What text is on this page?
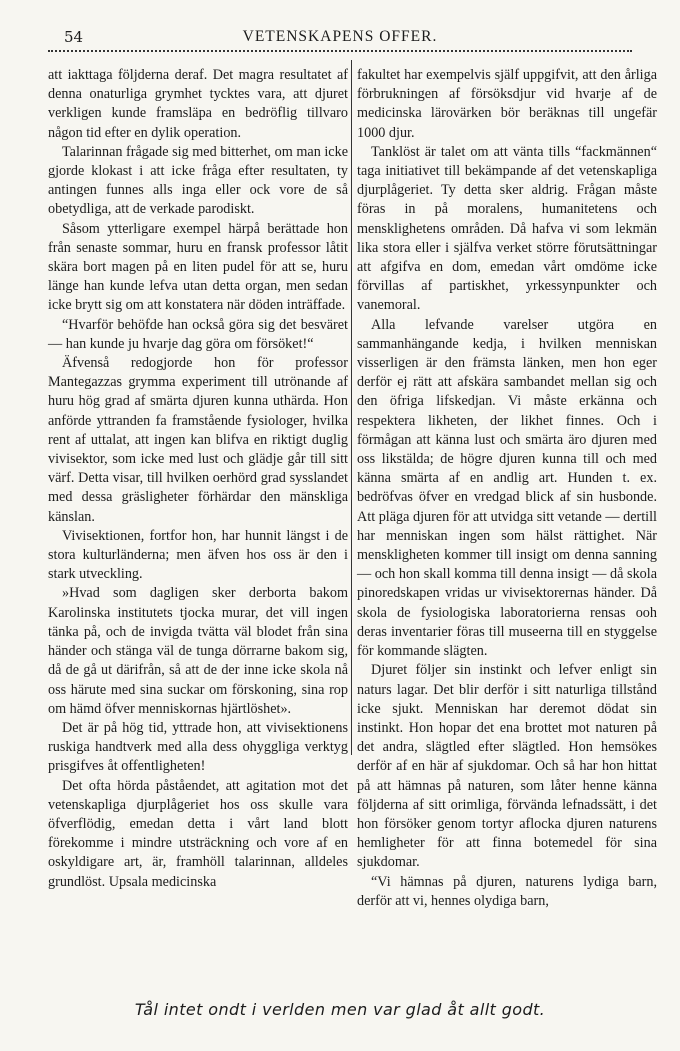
54	VETENSKAPENS OFFER.

att iakttaga följderna deraf. Det magra resultatet af denna onaturliga grymhet tycktes vara, att djuret verkligen kunde framsläpa en bedröflig tillvaro någon tid efter en dylik operation.

Talarinnan frågade sig med bitterhet, om man icke gjorde klokast i att icke fråga efter resultaten, ty antingen funnes alls inga eller ock vore de så obetydliga, att de verkade parodiskt.

Såsom ytterligare exempel härpå berättade hon från senaste sommar, huru en fransk professor låtit skära bort magen på en liten pudel för att se, huru länge han kunde lefva utan detta organ, men sedan icke brytt sig om att konstatera när döden inträffade.

“Hvarför behöfde han också göra sig det besväret — han kunde ju hvarje dag göra om försöket!“

Äfvenså redogjorde hon för professor Mantegazzas grymma experiment till utrönande af huru hög grad af smärta djuren kunna uthärda. Hon anförde yttranden fa framstående fysiologer, hvilka rent af uttalat, att ingen kan blifva en riktigt duglig vivisektor, som icke med lust och glädje går till sitt värf. Detta visar, till hvilken oerhörd grad sysslandet med dessa gräsligheter förhärdar den mänskliga känslan.

Vivisektionen, fortfor hon, har hunnit längst i de stora kulturländerna; men äfven hos oss är den i stark utveckling.

»Hvad som dagligen sker derborta bakom Karolinska institutets tjocka murar, det vill ingen tänka på, och de invigda tvätta väl blodet från sina händer och stänga väl de tunga dörrarne bakom sig, då de gå ut därifrån, så att de der inne icke skola nå oss härute med sina suckar om förskoning, sina rop om hämd öfver menniskornas hjärtlöshet».

Det är på hög tid, yttrade hon, att vivisektionens ruskiga handtverk med alla dess ohyggliga verktyg prisgifves åt offentligheten!

Det ofta hörda påståendet, att agitation mot det vetenskapliga djurplågeriet hos oss skulle vara öfverflödig, emedan detta i vårt land blott förekomme i mindre utsträckning och vore af en oskyldigare art, är, framhöll talarinnan, alldeles grundlöst. Upsala medicinska

fakultet har exempelvis själf uppgifvit, att den årliga förbrukningen af försöksdjur vid hvarje af de medicinska lärovärken bör beräknas till ungefär 1000 djur.

Tanklöst är talet om att vänta tills “fackmännen“ taga initiativet till bekämpande af det vetenskapliga djurplågeriet. Ty detta sker aldrig. Frågan måste föras in på moralens, humanitetens och mensklighetens områden. Då hafva vi som lekmän lika stora eller i själfva verket större förutsättningar att afgifva en dom, emedan vårt omdöme icke förvillas af partiskhet, yrkessynpunkter och vanemoral.

Alla lefvande varelser utgöra en sammanhängande kedja, i hvilken menniskan visserligen är den främsta länken, men hon eger derför ej rätt att afskära sambandet mellan sig och den öfriga lifskedjan. Vi måste erkänna och respektera likheten, der likhet finnes. Och i förmågan att känna lust och smärta äro djuren med oss likstälda; de högre djuren kunna till och med känna smärta af en andlig art. Hunden t. ex. bedröfvas öfver en vredgad blick af sin husbonde. Att pläga djuren för att utvidga sitt vetande — dertill har menniskan ingen som hälst rättighet. När menskligheten kommer till insigt om denna sanning — och hon skall komma till denna insigt — då skola pinoredskapen vridas ur vivisektorernas händer. Då skola de fysiologiska laboratorierna rensas ooh deras inventarier föras till museerna till en styggelse för kommande slägten.

Djuret följer sin instinkt och lefver enligt sin naturs lagar. Det blir derför i sitt naturliga tillstånd icke sjukt. Menniskan har deremot dödat sin instinkt. Hon hopar det ena brottet mot naturen på det andra, slägtled efter slägtled. Hon hemsökes derför af en här af sjukdomar. Och så har hon hittat på att hämnas på naturen, som låter henne känna följderna af sitt orimliga, förvända lefnadssätt, i det hon försöker genom tortyr aflocka djuren naturens hemligheter för att finna botemedel för sina sjukdomar.

“Vi hämnas på djuren, naturens lydiga barn, derför att vi, hennes olydiga barn,

Tål intet ondt i verlden men var glad åt allt godt.
